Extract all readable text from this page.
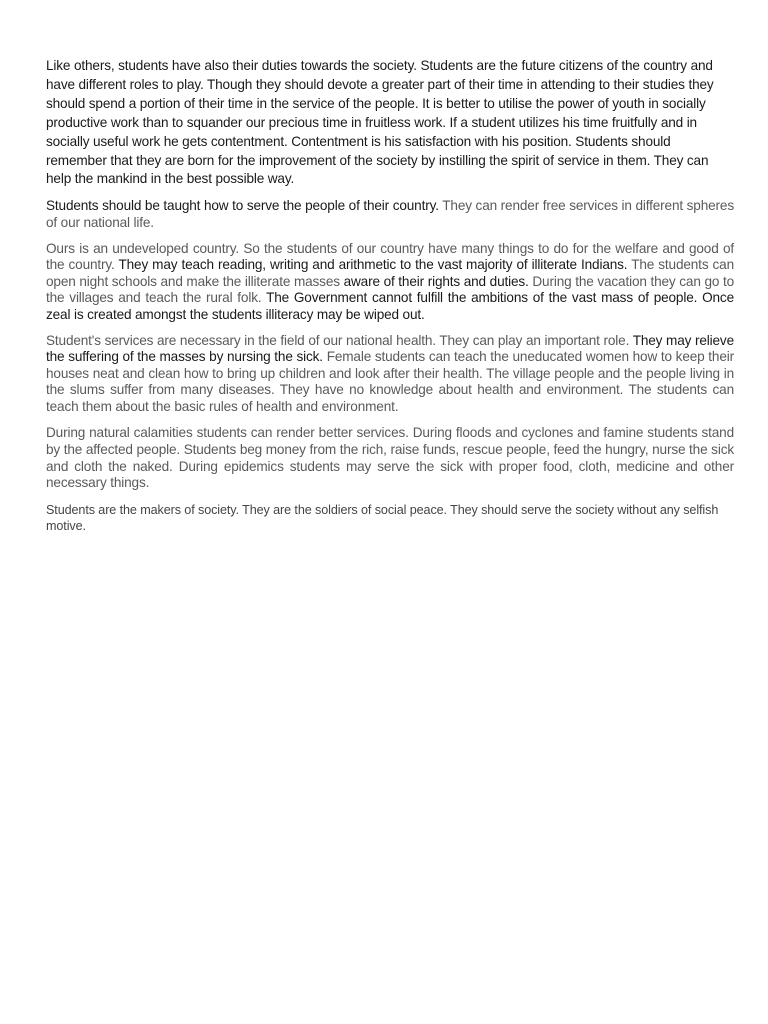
Like others, students have also their duties towards the society. Students are the future citizens of the country and have different roles to play. Though they should devote a greater part of their time in attending to their studies they should spend a portion of their time in the service of the people. It is better to utilise the power of youth in socially productive work than to squander our precious time in fruitless work. If a student utilizes his time fruitfully and in socially useful work he gets contentment. Contentment is his satisfaction with his position. Students should remember that they are born for the improvement of the society by instilling the spirit of service in them. They can help the mankind in the best possible way.

Students should be taught how to serve the people of their country. They can render free services in different spheres of our national life.

Ours is an undeveloped country. So the students of our country have many things to do for the welfare and good of the country. They may teach reading, writing and arithmetic to the vast majority of illiterate Indians. The students can open night schools and make the illiterate masses aware of their rights and duties. During the vacation they can go to the villages and teach the rural folk. The Government cannot fulfill the ambitions of the vast mass of people. Once zeal is created amongst the students illiteracy may be wiped out.

Student's services are necessary in the field of our national health. They can play an important role. They may relieve the suffering of the masses by nursing the sick. Female students can teach the uneducated women how to keep their houses neat and clean how to bring up children and look after their health. The village people and the people living in the slums suffer from many diseases. They have no knowledge about health and environment. The students can teach them about the basic rules of health and environment.

During natural calamities students can render better services. During floods and cyclones and famine students stand by the affected people. Students beg money from the rich, raise funds, rescue people, feed the hungry, nurse the sick and cloth the naked. During epidemics students may serve the sick with proper food, cloth, medicine and other necessary things.

Students are the makers of society. They are the soldiers of social peace. They should serve the society without any selfish motive.
